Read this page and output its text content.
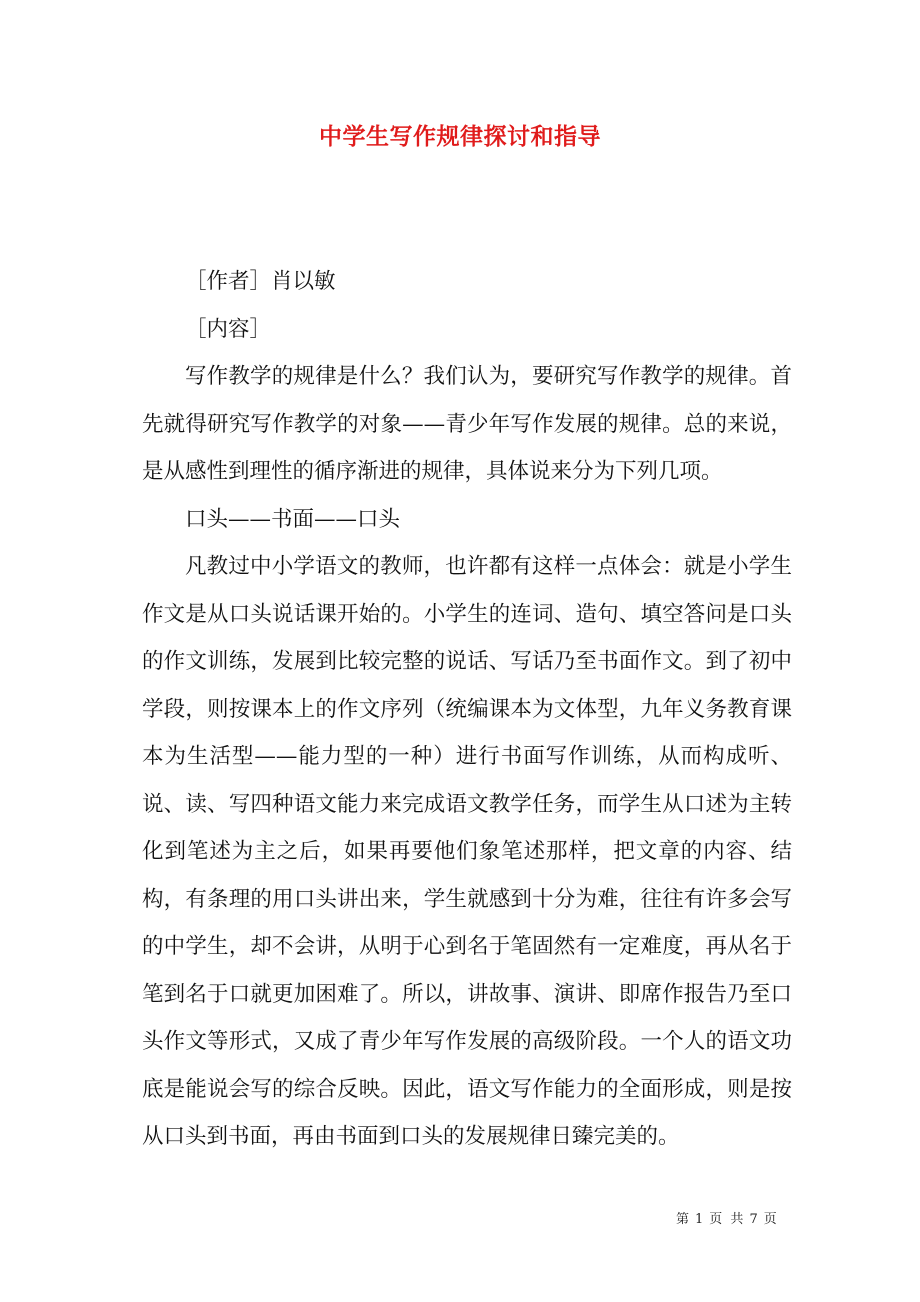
中学生写作规律探讨和指导

［作者］肖以敏

［内容］

写作教学的规律是什么？我们认为，要研究写作教学的规律。首先就得研究写作教学的对象——青少年写作发展的规律。总的来说，是从感性到理性的循序渐进的规律，具体说来分为下列几项。

口头——书面——口头

凡教过中小学语文的教师，也许都有这样一点体会：就是小学生作文是从口头说话课开始的。小学生的连词、造句、填空答问是口头的作文训练，发展到比较完整的说话、写话乃至书面作文。到了初中学段，则按课本上的作文序列（统编课本为文体型，九年义务教育课本为生活型——能力型的一种）进行书面写作训练，从而构成听、说、读、写四种语文能力来完成语文教学任务，而学生从口述为主转化到笔述为主之后，如果再要他们象笔述那样，把文章的内容、结构，有条理的用口头讲出来，学生就感到十分为难，往往有许多会写的中学生，却不会讲，从明于心到名于笔固然有一定难度，再从名于笔到名于口就更加困难了。所以，讲故事、演讲、即席作报告乃至口头作文等形式，又成了青少年写作发展的高级阶段。一个人的语文功底是能说会写的综合反映。因此，语文写作能力的全面形成，则是按从口头到书面，再由书面到口头的发展规律日臻完美的。

第 1 页 共 7 页
